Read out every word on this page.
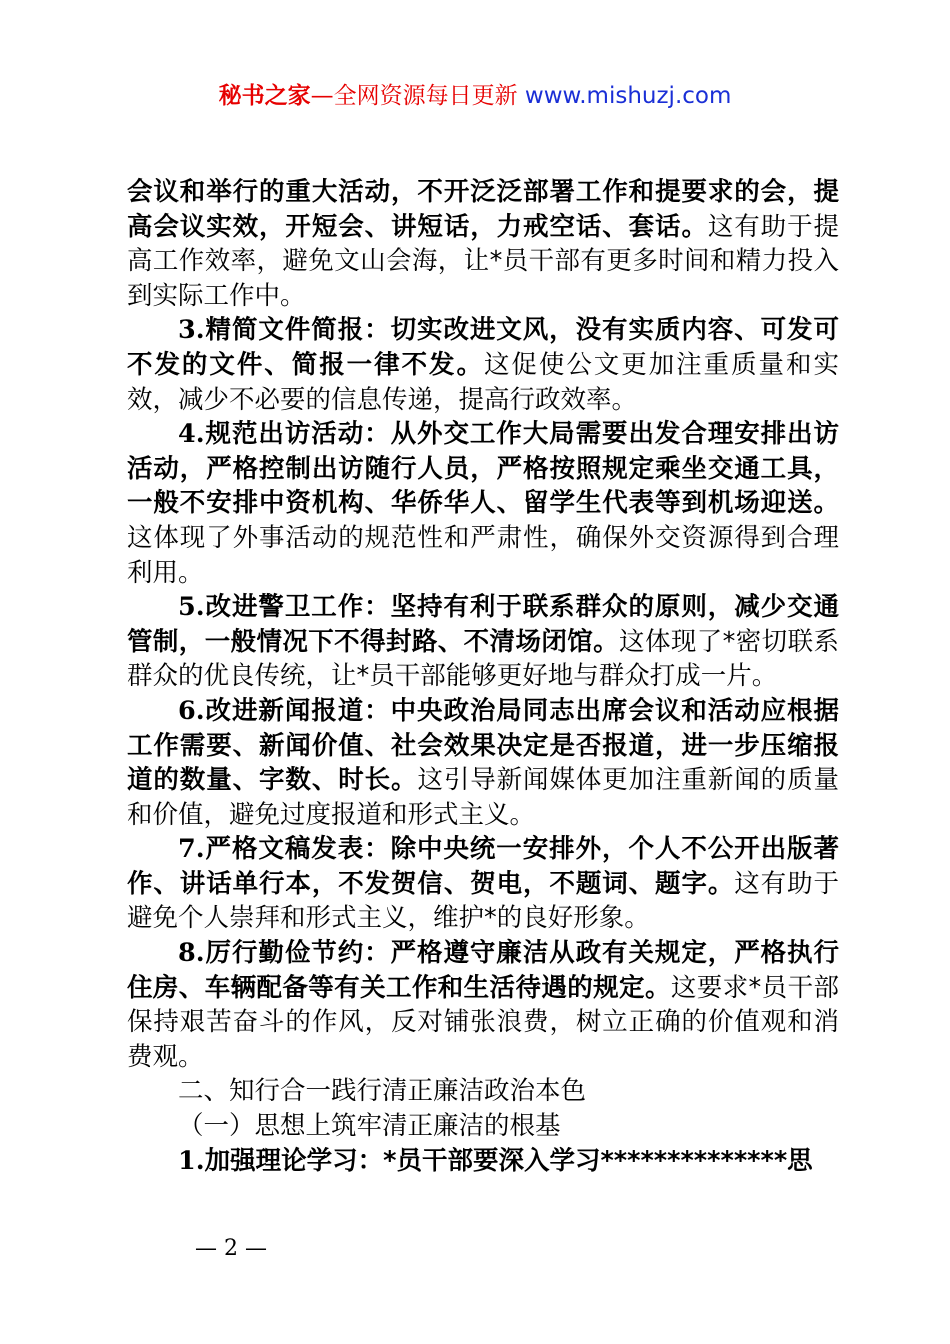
秘书之家—全网资源每日更新 www.mishuzj.com

会议和举行的重大活动，不开泛泛部署工作和提要求的会，提高会议实效，开短会、讲短话，力戒空话、套话。这有助于提高工作效率，避免文山会海，让*员干部有更多时间和精力投入到实际工作中。

3.精简文件简报：切实改进文风，没有实质内容、可发可不发的文件、简报一律不发。这促使公文更加注重质量和实效，减少不必要的信息传递，提高行政效率。

4.规范出访活动：从外交工作大局需要出发合理安排出访活动，严格控制出访随行人员，严格按照规定乘坐交通工具，一般不安排中资机构、华侨华人、留学生代表等到机场迎送。这体现了外事活动的规范性和严肃性，确保外交资源得到合理利用。

5.改进警卫工作：坚持有利于联系群众的原则，减少交通管制，一般情况下不得封路、不清场闭馆。这体现了*密切联系群众的优良传统，让*员干部能够更好地与群众打成一片。

6.改进新闻报道：中央政治局同志出席会议和活动应根据工作需要、新闻价值、社会效果决定是否报道，进一步压缩报道的数量、字数、时长。这引导新闻媒体更加注重新闻的质量和价值，避免过度报道和形式主义。

7.严格文稿发表：除中央统一安排外，个人不公开出版著作、讲话单行本，不发贺信、贺电，不题词、题字。这有助于避免个人崇拜和形式主义，维护*的良好形象。

8.厉行勤俭节约：严格遵守廉洁从政有关规定，严格执行住房、车辆配备等有关工作和生活待遇的规定。这要求*员干部保持艰苦奋斗的作风，反对铺张浪费，树立正确的价值观和消费观。

二、知行合一践行清正廉洁政治本色

（一）思想上筑牢清正廉洁的根基

1.加强理论学习：*员干部要深入学习**************思

— 2 —
